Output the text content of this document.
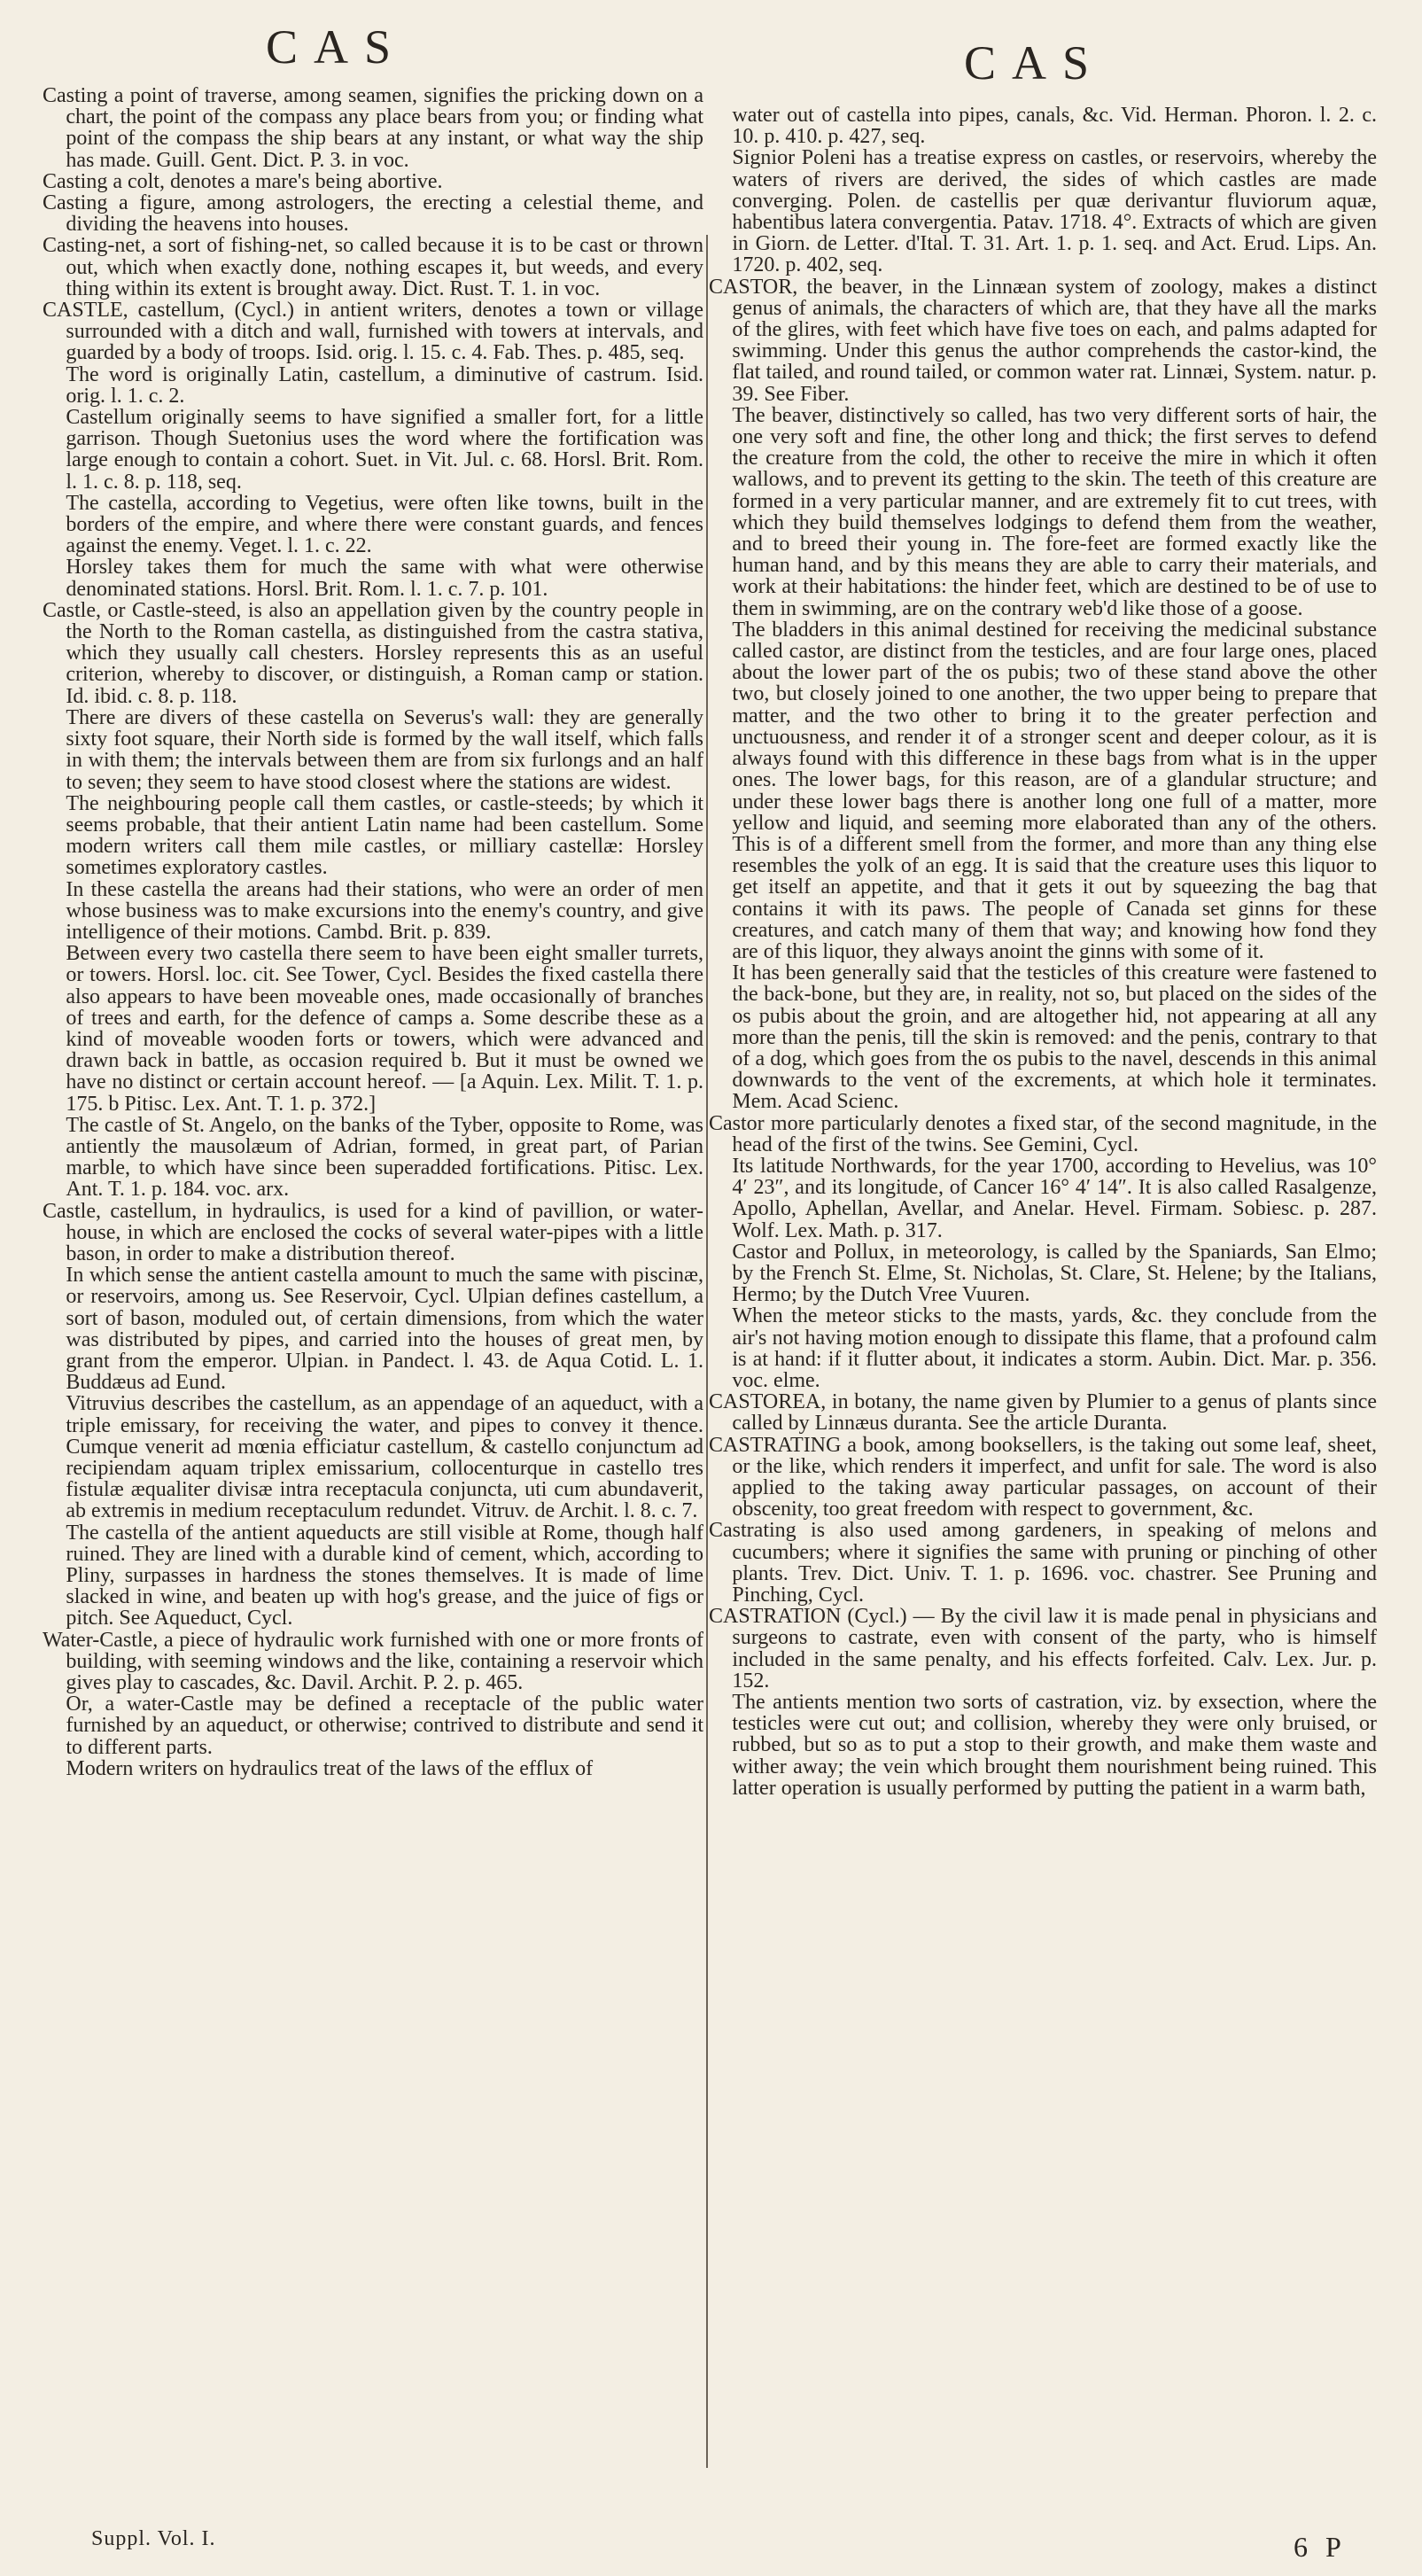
CAS	CAS

Casting a point of traverse, among seamen, signifies the pricking down on a chart, the point of the compass any place bears from you; or finding what point of the compass the ship bears at any instant, or what way the ship has made. Guill. Gent. Dict. P. 3. in voc.

Casting a colt, denotes a mare's being abortive.

Casting a figure, among astrologers, the erecting a celestial theme, and dividing the heavens into houses.

Casting-net, a sort of fishing-net, so called because it is to be cast or thrown out, which when exactly done, nothing escapes it, but weeds, and every thing within its extent is brought away. Dict. Rust. T. 1. in voc.

CASTLE, castellum, (Cycl.) in antient writers, denotes a town or village surrounded with a ditch and wall, furnished with towers at intervals, and guarded by a body of troops. Isid. orig. l. 15. c. 4. Fab. Thes. p. 485, seq.

The word is originally Latin, castellum, a diminutive of castrum. Isid. orig. l. 1. c. 2.

Castellum originally seems to have signified a smaller fort, for a little garrison. Though Suetonius uses the word where the fortification was large enough to contain a cohort. Suet. in Vit. Jul. c. 68. Horsl. Brit. Rom. l. 1. c. 8. p. 118, seq.

The castella, according to Vegetius, were often like towns, built in the borders of the empire, and where there were constant guards, and fences against the enemy. Veget. l. 1. c. 22.

Horsley takes them for much the same with what were otherwise denominated stations. Horsl. Brit. Rom. l. 1. c. 7. p. 101.

Castle, or Castle-steed, is also an appellation given by the country people in the North to the Roman castella, as distinguished from the castra stativa, which they usually call chesters. Horsley represents this as an useful criterion, whereby to discover, or distinguish, a Roman camp or station. Id. ibid. c. 8. p. 118.

There are divers of these castella on Severus's wall: they are generally sixty foot square, their North side is formed by the wall itself, which falls in with them; the intervals between them are from six furlongs and an half to seven; they seem to have stood closest where the stations are widest.

The neighbouring people call them castles, or castle-steeds; by which it seems probable, that their antient Latin name had been castellum. Some modern writers call them mile castles, or milliary castellæ: Horsley sometimes exploratory castles.

In these castella the areans had their stations, who were an order of men whose business was to make excursions into the enemy's country, and give intelligence of their motions. Cambd. Brit. p. 839.

Between every two castella there seem to have been eight smaller turrets, or towers. Horsl. loc. cit. See Tower, Cycl. Besides the fixed castella there also appears to have been moveable ones, made occasionally of branches of trees and earth, for the defence of camps a. Some describe these as a kind of moveable wooden forts or towers, which were advanced and drawn back in battle, as occasion required b. But it must be owned we have no distinct or certain account hereof. — [a Aquin. Lex. Milit. T. 1. p. 175. b Pitisc. Lex. Ant. T. 1. p. 372.]

The castle of St. Angelo, on the banks of the Tyber, opposite to Rome, was antiently the mausolæum of Adrian, formed, in great part, of Parian marble, to which have since been superadded fortifications. Pitisc. Lex. Ant. T. 1. p. 184. voc. arx.

Castle, castellum, in hydraulics, is used for a kind of pavillion, or water-house, in which are enclosed the cocks of several water-pipes with a little bason, in order to make a distribution thereof.

In which sense the antient castella amount to much the same with piscinæ, or reservoirs, among us. See Reservoir, Cycl. Ulpian defines castellum, a sort of bason, moduled out, of certain dimensions, from which the water was distributed by pipes, and carried into the houses of great men, by grant from the emperor. Ulpian. in Pandect. l. 43. de Aqua Cotid. L. 1. Buddæus ad Eund.

Vitruvius describes the castellum, as an appendage of an aqueduct, with a triple emissary, for receiving the water, and pipes to convey it thence. Cumque venerit ad mœnia efficiatur castellum, & castello conjunctum ad recipiendam aquam triplex emissarium, collocenturque in castello tres fistulæ æqualiter divisæ intra receptacula conjuncta, uti cum abundaverit, ab extremis in medium receptaculum redundet. Vitruv. de Archit. l. 8. c. 7.

The castella of the antient aqueducts are still visible at Rome, though half ruined. They are lined with a durable kind of cement, which, according to Pliny, surpasses in hardness the stones themselves. It is made of lime slacked in wine, and beaten up with hog's grease, and the juice of figs or pitch. See Aqueduct, Cycl.

Water-Castle, a piece of hydraulic work furnished with one or more fronts of building, with seeming windows and the like, containing a reservoir which gives play to cascades, &c. Davil. Archit. P. 2. p. 465.

Or, a water-Castle may be defined a receptacle of the public water furnished by an aqueduct, or otherwise; contrived to distribute and send it to different parts.

Modern writers on hydraulics treat of the laws of the efflux of

water out of castella into pipes, canals, &c. Vid. Herman. Phoron. l. 2. c. 10. p. 410. p. 427, seq.

Signior Poleni has a treatise express on castles, or reservoirs, whereby the waters of rivers are derived, the sides of which castles are made converging. Polen. de castellis per quæ derivantur fluviorum aquæ, habentibus latera convergentia. Patav. 1718. 4°. Extracts of which are given in Giorn. de Letter. d'Ital. T. 31. Art. 1. p. 1. seq. and Act. Erud. Lips. An. 1720. p. 402, seq.

CASTOR, the beaver, in the Linnæan system of zoology, makes a distinct genus of animals, the characters of which are, that they have all the marks of the glires, with feet which have five toes on each, and palms adapted for swimming. Under this genus the author comprehends the castor-kind, the flat tailed, and round tailed, or common water rat. Linnæi, System. natur. p. 39. See Fiber.

The beaver, distinctively so called, has two very different sorts of hair, the one very soft and fine, the other long and thick; the first serves to defend the creature from the cold, the other to receive the mire in which it often wallows, and to prevent its getting to the skin. The teeth of this creature are formed in a very particular manner, and are extremely fit to cut trees, with which they build themselves lodgings to defend them from the weather, and to breed their young in. The fore-feet are formed exactly like the human hand, and by this means they are able to carry their materials, and work at their habitations: the hinder feet, which are destined to be of use to them in swimming, are on the contrary web'd like those of a goose.

The bladders in this animal destined for receiving the medicinal substance called castor, are distinct from the testicles, and are four large ones, placed about the lower part of the os pubis; two of these stand above the other two, but closely joined to one another, the two upper being to prepare that matter, and the two other to bring it to the greater perfection and unctuousness, and render it of a stronger scent and deeper colour, as it is always found with this difference in these bags from what is in the upper ones. The lower bags, for this reason, are of a glandular structure; and under these lower bags there is another long one full of a matter, more yellow and liquid, and seeming more elaborated than any of the others. This is of a different smell from the former, and more than any thing else resembles the yolk of an egg. It is said that the creature uses this liquor to get itself an appetite, and that it gets it out by squeezing the bag that contains it with its paws. The people of Canada set ginns for these creatures, and catch many of them that way; and knowing how fond they are of this liquor, they always anoint the ginns with some of it.

It has been generally said that the testicles of this creature were fastened to the back-bone, but they are, in reality, not so, but placed on the sides of the os pubis about the groin, and are altogether hid, not appearing at all any more than the penis, till the skin is removed: and the penis, contrary to that of a dog, which goes from the os pubis to the navel, descends in this animal downwards to the vent of the excrements, at which hole it terminates. Mem. Acad Scienc.

Castor more particularly denotes a fixed star, of the second magnitude, in the head of the first of the twins. See Gemini, Cycl.

Its latitude Northwards, for the year 1700, according to Hevelius, was 10° 4′ 23″, and its longitude, of Cancer 16° 4′ 14″. It is also called Rasalgenze, Apollo, Aphellan, Avellar, and Anelar. Hevel. Firmam. Sobiesc. p. 287. Wolf. Lex. Math. p. 317.

Castor and Pollux, in meteorology, is called by the Spaniards, San Elmo; by the French St. Elme, St. Nicholas, St. Clare, St. Helene; by the Italians, Hermo; by the Dutch Vree Vuuren.

When the meteor sticks to the masts, yards, &c. they conclude from the air's not having motion enough to dissipate this flame, that a profound calm is at hand: if it flutter about, it indicates a storm. Aubin. Dict. Mar. p. 356. voc. elme.

CASTOREA, in botany, the name given by Plumier to a genus of plants since called by Linnæus duranta. See the article Duranta.

CASTRATING a book, among booksellers, is the taking out some leaf, sheet, or the like, which renders it imperfect, and unfit for sale. The word is also applied to the taking away particular passages, on account of their obscenity, too great freedom with respect to government, &c.

Castrating is also used among gardeners, in speaking of melons and cucumbers; where it signifies the same with pruning or pinching of other plants. Trev. Dict. Univ. T. 1. p. 1696. voc. chastrer. See Pruning and Pinching, Cycl.

CASTRATION (Cycl.) — By the civil law it is made penal in physicians and surgeons to castrate, even with consent of the party, who is himself included in the same penalty, and his effects forfeited. Calv. Lex. Jur. p. 152.

The antients mention two sorts of castration, viz. by exsection, where the testicles were cut out; and collision, whereby they were only bruised, or rubbed, but so as to put a stop to their growth, and make them waste and wither away; the vein which brought them nourishment being ruined. This latter operation is usually performed by putting the patient in a warm bath,

Suppl. Vol. I.	6 P
